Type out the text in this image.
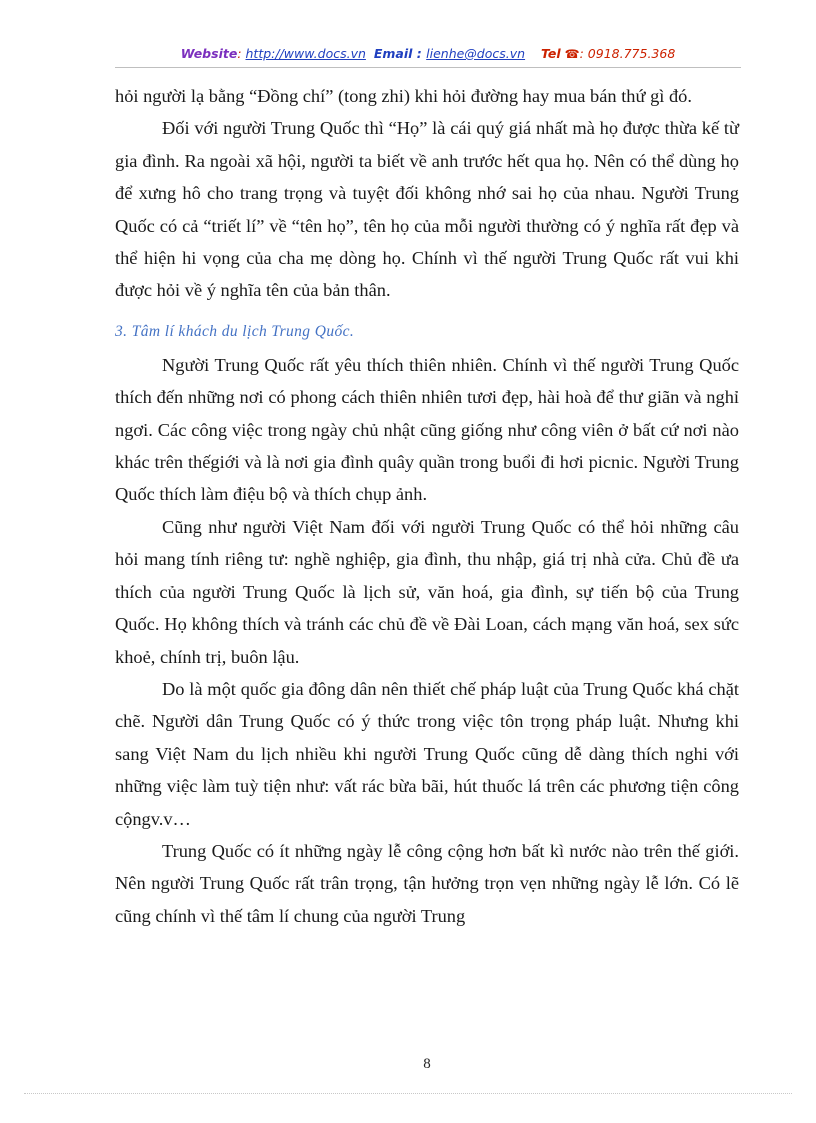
Website: http://www.docs.vn Email : lienhe@docs.vn Tel ☎: 0918.775.368

hỏi người lạ bằng “Đồng chí” (tong zhi) khi hỏi đường hay mua bán thứ gì đó.

Đối với người Trung Quốc thì “Họ” là cái quý giá nhất mà họ được thừa kế từ gia đình. Ra ngoài xã hội, người ta biết về anh trước hết qua họ. Nên có thể dùng họ để xưng hô cho trang trọng và tuyệt đối không nhớ sai họ của nhau. Người Trung Quốc có cả “triết lí” về “tên họ”, tên họ của mỗi người thường có ý nghĩa rất đẹp và thể hiện hi vọng của cha mẹ dòng họ. Chính vì thế người Trung Quốc rất vui khi được hỏi về ý nghĩa tên của bản thân.

3. Tâm lí khách du lịch Trung Quốc.

Người Trung Quốc rất yêu thích thiên nhiên. Chính vì thế người Trung Quốc thích đến những nơi có phong cách thiên nhiên tươi đẹp, hài hoà để thư giãn và nghỉ ngơi. Các công việc trong ngày chủ nhật cũng giống như công viên ở bất cứ nơi nào khác trên thếgiới và là nơi gia đình quây quần trong buổi đi hơi picnic. Người Trung Quốc thích làm điệu bộ và thích chụp ảnh.

Cũng như người Việt Nam đối với người Trung Quốc có thể hỏi những câu hỏi mang tính riêng tư: nghề nghiệp, gia đình, thu nhập, giá trị nhà cửa. Chủ đề ưa thích của người Trung Quốc là lịch sử, văn hoá, gia đình, sự tiến bộ của Trung Quốc. Họ không thích và tránh các chủ đề về Đài Loan, cách mạng văn hoá, sex sức khoẻ, chính trị, buôn lậu.

Do là một quốc gia đông dân nên thiết chế pháp luật của Trung Quốc khá chặt chẽ. Người dân Trung Quốc có ý thức trong việc tôn trọng pháp luật. Nhưng khi sang Việt Nam du lịch nhiều khi người Trung Quốc cũng dễ dàng thích nghi với những việc làm tuỳ tiện như: vất rác bừa bãi, hút thuốc lá trên các phương tiện công cộngv.v…

Trung Quốc có ít những ngày lễ công cộng hơn bất kì nước nào trên thế giới. Nên người Trung Quốc rất trân trọng, tận hưởng trọn vẹn những ngày lễ lớn. Có lẽ cũng chính vì thế tâm lí chung của người Trung

8
